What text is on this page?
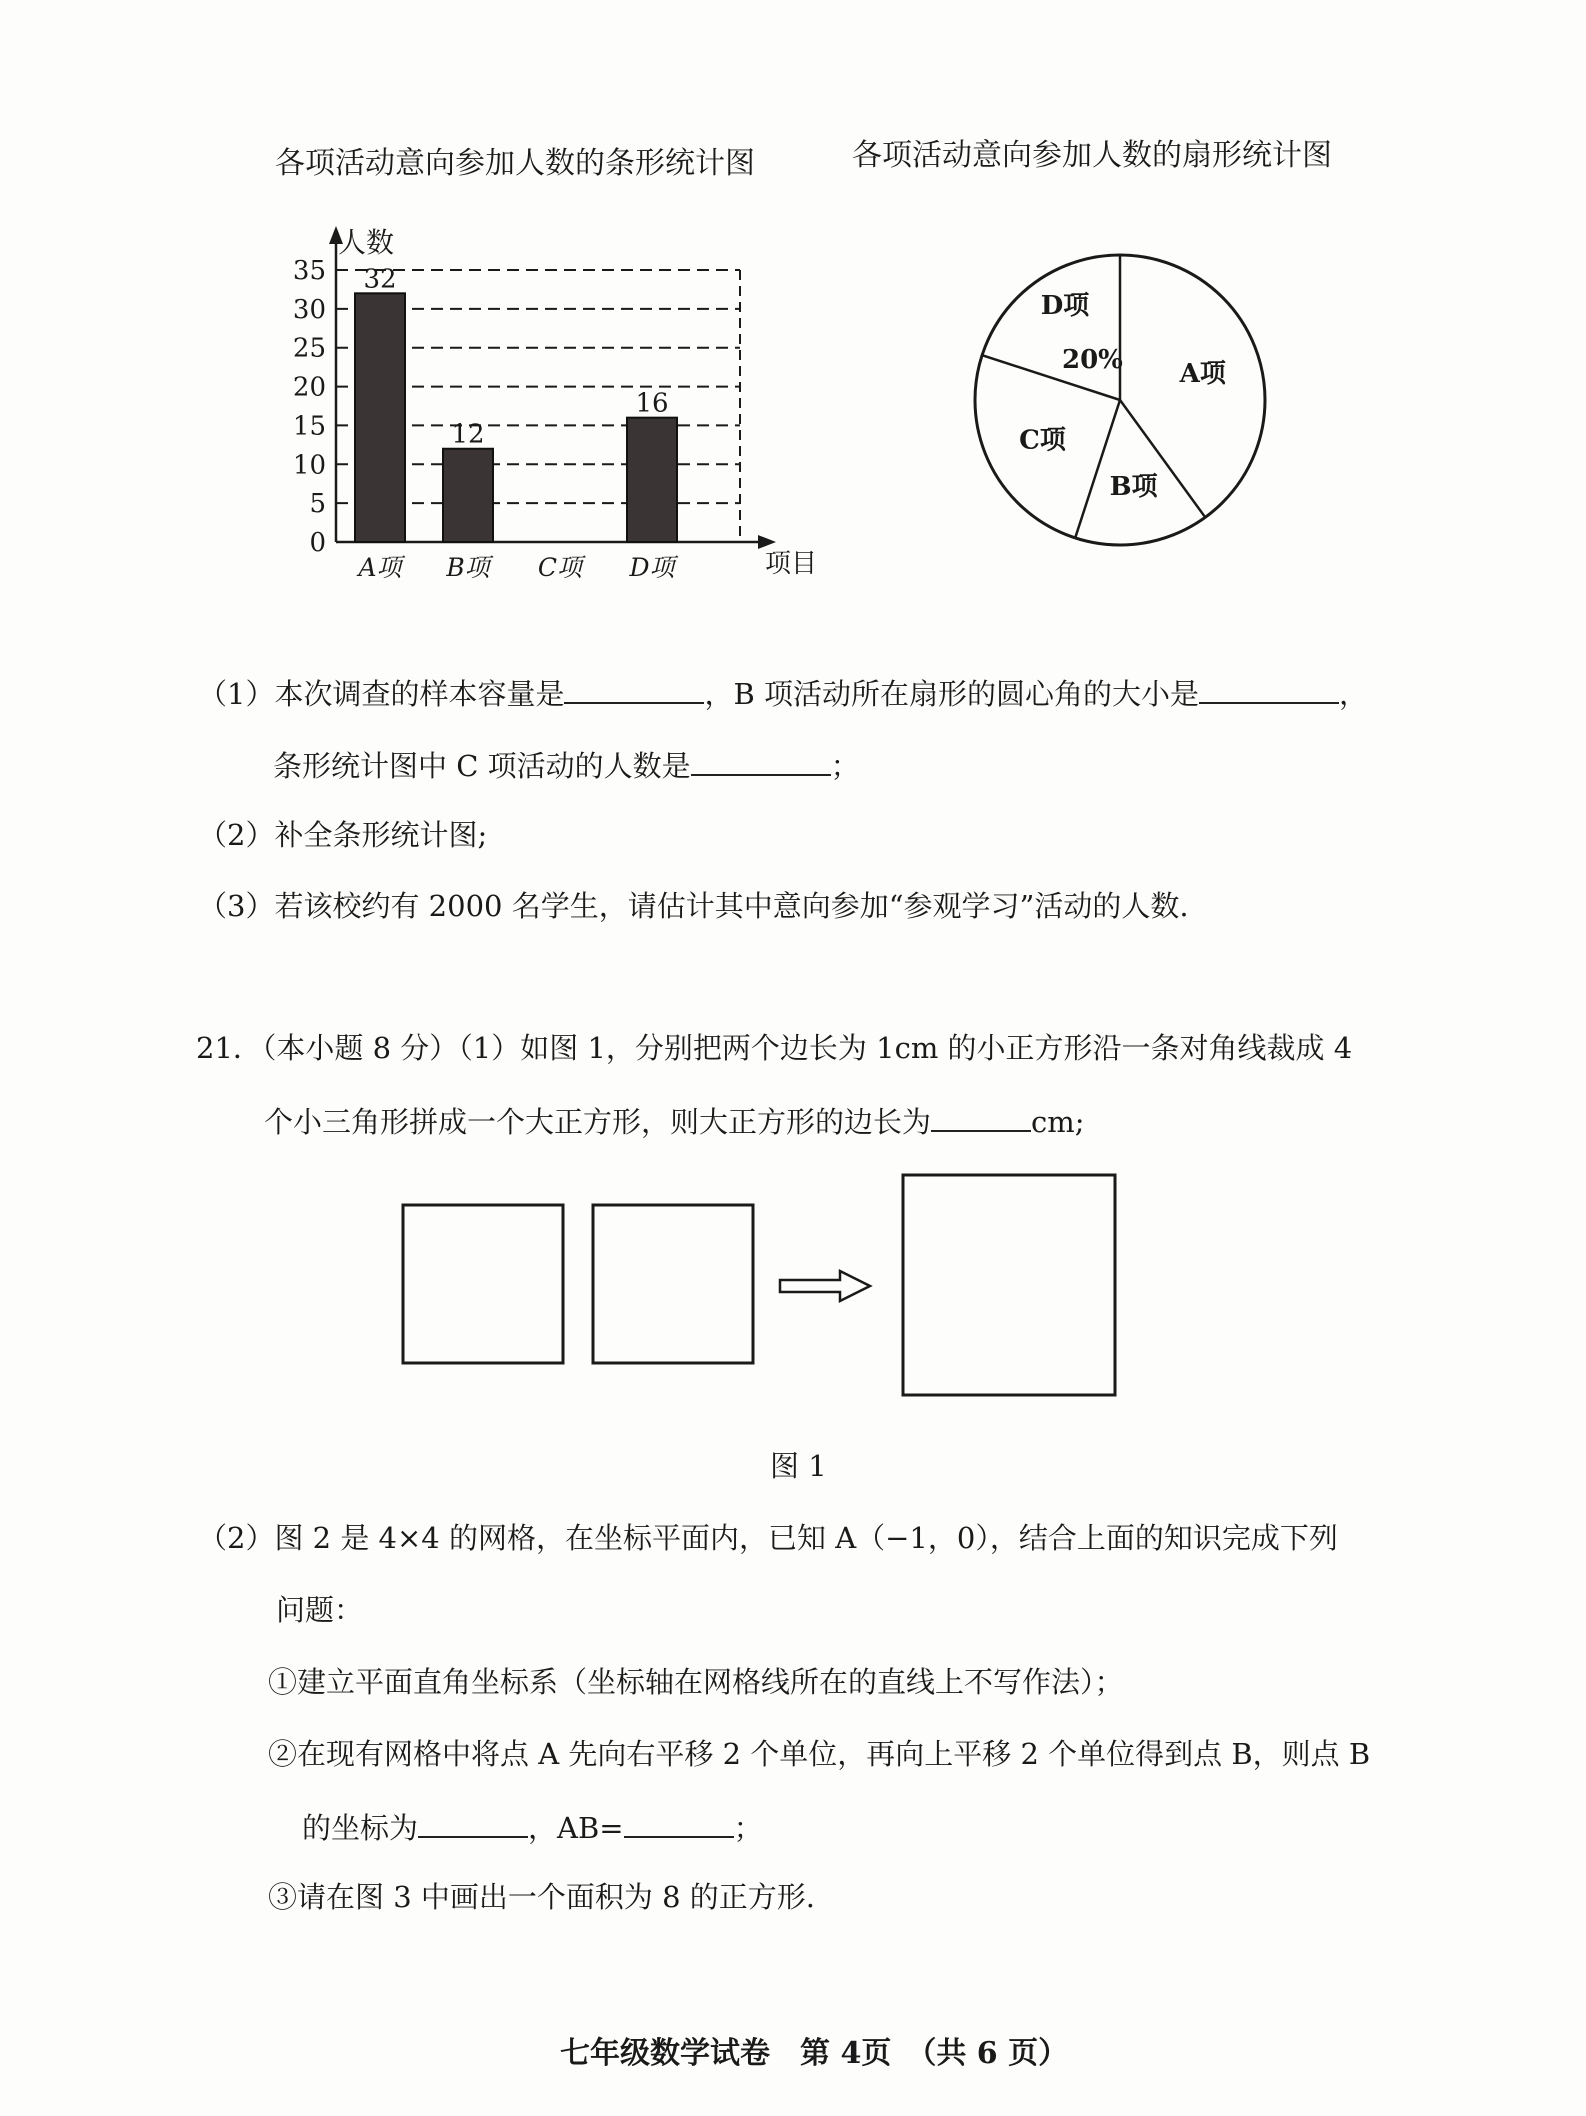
各项活动意向参加人数的条形统计图	各项活动意向参加人数的扇形统计图
0
5
10
15
20
25
30
35 32
12
16
A项 B项 C项 D项
人数
项目
A项
B项
C项
D项
20%
（1）本次调查的样本容量是	，B 项活动所在扇形的圆心角的大小是	，
条形统计图中 C 项活动的人数是	；
（2）补全条形统计图;
（3）若该校约有 2000 名学生，请估计其中意向参加“参观学习”活动的人数.
21．（本小题 8 分）（1）如图 1，分别把两个边长为 1cm 的小正方形沿一条对角线裁成 4
个小三角形拼成一个大正方形，则大正方形的边长为	cm;
图 1
（2）图 2 是 4×4 的网格，在坐标平面内，已知 A（−1，0），结合上面的知识完成下列
问题：
①建立平面直角坐标系（坐标轴在网格线所在的直线上不写作法）；
②在现有网格中将点 A 先向右平移 2 个单位，再向上平移 2 个单位得到点 B，则点 B
的坐标为	，AB=	；
③请在图 3 中画出一个面积为 8 的正方形.
七年级数学试卷　第 4页　（共 6 页）
